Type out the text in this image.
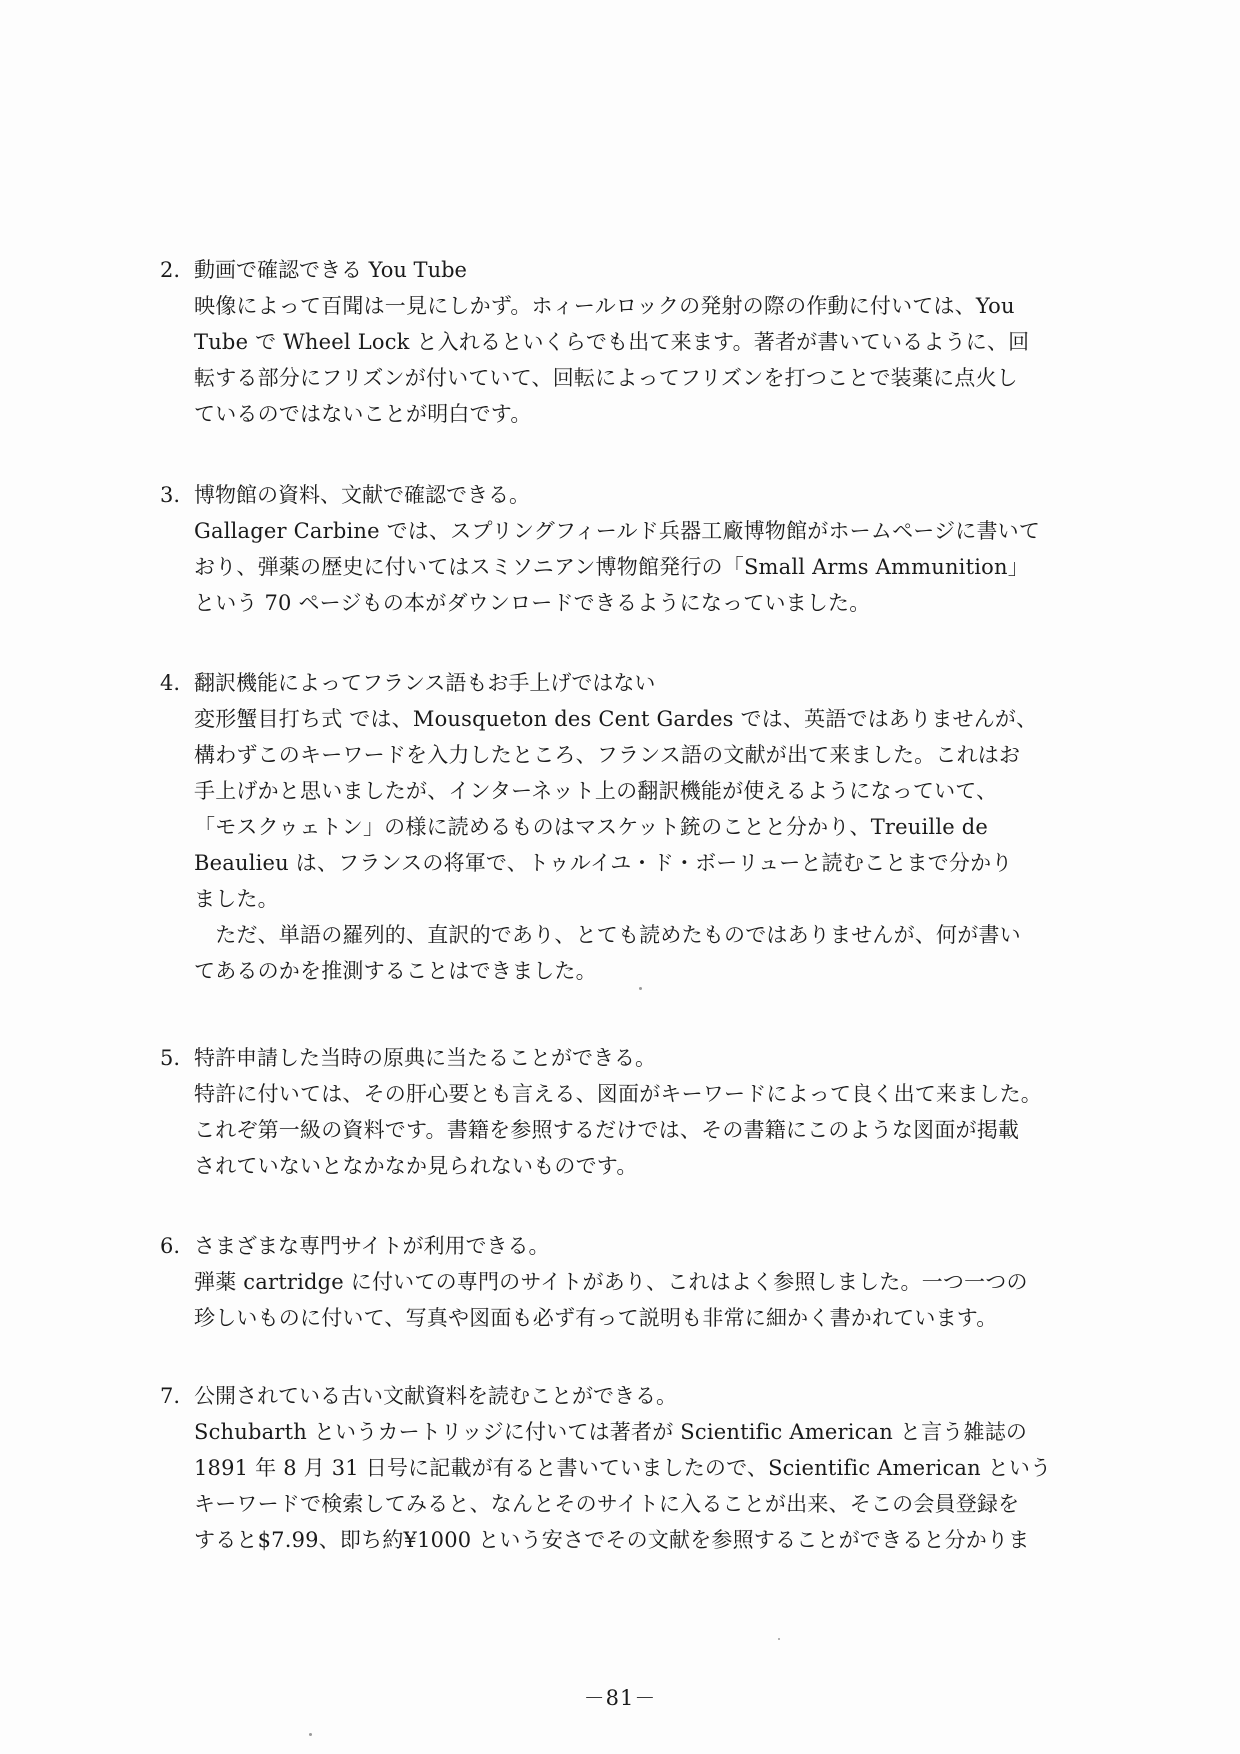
2. 動画で確認できる You Tube
映像によって百聞は一見にしかず。ホィールロックの発射の際の作動に付いては、You
Tube で Wheel Lock と入れるといくらでも出て来ます。著者が書いているように、回
転する部分にフリズンが付いていて、回転によってフリズンを打つことで装薬に点火し
ているのではないことが明白です。
3. 博物館の資料、文献で確認できる。
Gallager Carbine では、スプリングフィールド兵器工廠博物館がホームページに書いて
おり、弾薬の歴史に付いてはスミソニアン博物館発行の「Small Arms Ammunition」
という 70 ページもの本がダウンロードできるようになっていました。
4. 翻訳機能によってフランス語もお手上げではない
変形蟹目打ち式 では、Mousqueton des Cent Gardes では、英語ではありませんが、
構わずこのキーワードを入力したところ、フランス語の文献が出て来ました。これはお
手上げかと思いましたが、インターネット上の翻訳機能が使えるようになっていて、
「モスクゥェトン」の様に読めるものはマスケット銃のことと分かり、Treuille de
Beaulieu は、フランスの将軍で、トゥルイユ・ド・ボーリューと読むことまで分かり
ました。
　ただ、単語の羅列的、直訳的であり、とても読めたものではありませんが、何が書い
てあるのかを推測することはできました。
5. 特許申請した当時の原典に当たることができる。
特許に付いては、その肝心要とも言える、図面がキーワードによって良く出て来ました。
これぞ第一級の資料です。書籍を参照するだけでは、その書籍にこのような図面が掲載
されていないとなかなか見られないものです。
6. さまざまな専門サイトが利用できる。
弾薬 cartridge に付いての専門のサイトがあり、これはよく参照しました。一つ一つの
珍しいものに付いて、写真や図面も必ず有って説明も非常に細かく書かれています。
7. 公開されている古い文献資料を読むことができる。
Schubarth というカートリッジに付いては著者が Scientific American と言う雑誌の
1891 年 8 月 31 日号に記載が有ると書いていましたので、Scientific American という
キーワードで検索してみると、なんとそのサイトに入ることが出来、そこの会員登録を
すると$7.99、即ち約¥1000 という安さでその文献を参照することができると分かりま
－81－
